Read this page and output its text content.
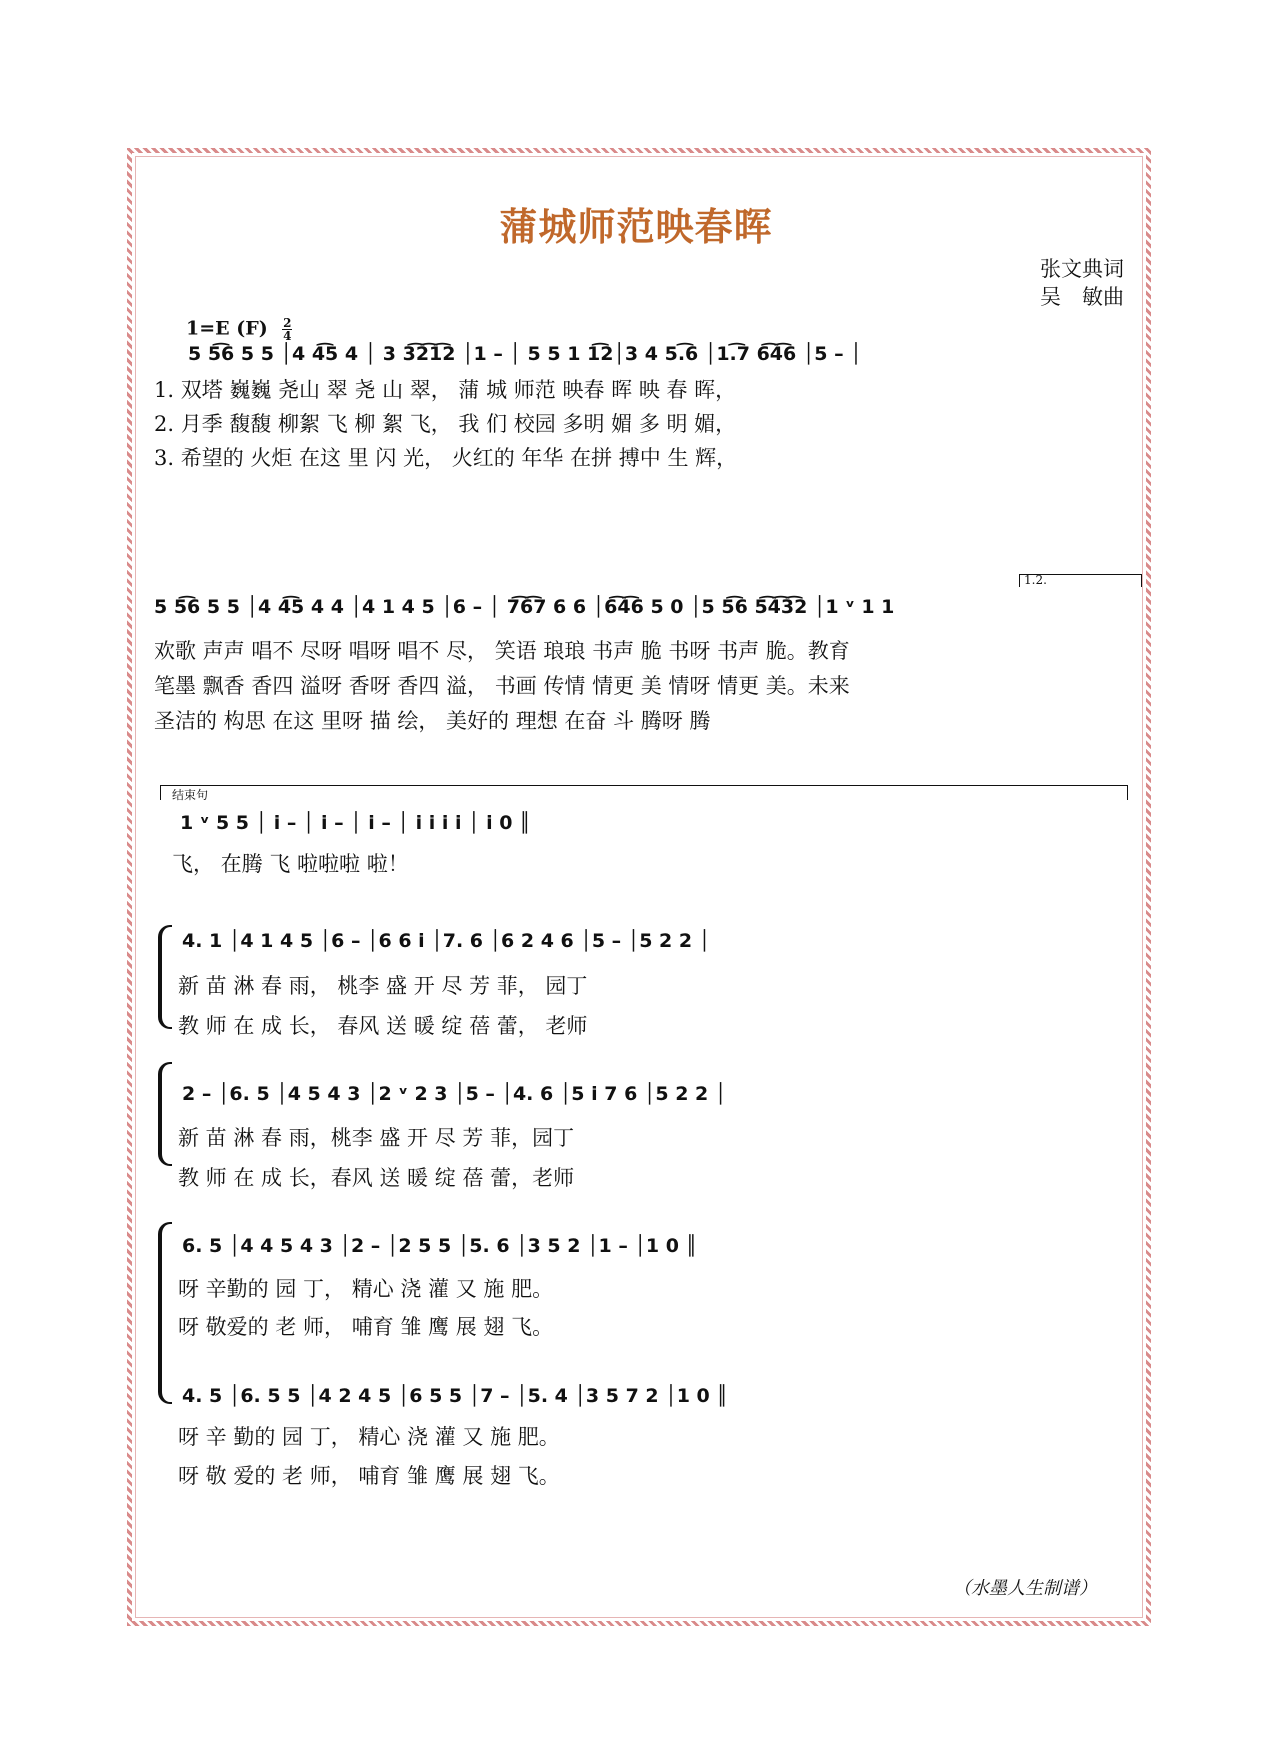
蒲城师范映春晖
张文典词
吴　敏曲
1=E $(F) \frac{2}{4}$
5 5͡6 5 5 │4 4͡5 4 │ 3 3͡2͡1͡2 │1 – │ 5 5 1 1͡2│3 4 5.͡6 │1.͡7 6͡4͡6 │5 – │
1. 双塔 巍巍 尧山 翠 尧 山 翠， 蒲 城 师范 映春 晖 映 春 晖，
2. 月季 馥馥 柳絮 飞 柳 絮 飞， 我 们 校园 多明 媚 多 明 媚，
3. 希望的 火炬 在这 里 闪 光， 火红的 年华 在拼 搏中 生 辉，
1.2.
5 5͡6 5 5 │4 4͡5 4 4 │4 1 4 5 │6 – │ 7͡6͡7 6 6 │6͡4͡6 5 0 │5 5͡6 5͡4͡3͡2 │1 ᵛ 1 1
欢歌 声声 唱不 尽呀 唱呀 唱不 尽， 笑语 琅琅 书声 脆 书呀 书声 脆。教育
笔墨 飘香 香四 溢呀 香呀 香四 溢， 书画 传情 情更 美 情呀 情更 美。未来
圣洁的 构思 在这 里呀 描 绘， 美好的 理想 在奋 斗 腾呀 腾
结束句
1 ᵛ 5 5 │ i – │ i – │ i – │ i i i i │ i 0 ║
飞， 在腾 飞 啦啦啦 啦！
4. 1 │4 1 4 5 │6 – │6 6 i │7. 6 │6 2 4 6 │5 – │5 2 2 │
新 苗 淋 春 雨， 桃李 盛 开 尽 芳 菲， 园丁
教 师 在 成 长， 春风 送 暖 绽 蓓 蕾， 老师
2 – │6. 5 │4 5 4 3 │2 ᵛ 2 3 │5 – │4. 6 │5 i 7 6 │5 2 2 │
新 苗 淋 春 雨，桃李 盛 开 尽 芳 菲，园丁
教 师 在 成 长，春风 送 暖 绽 蓓 蕾，老师
6. 5 │4 4 5 4 3 │2 – │2 5 5 │5. 6 │3 5 2 │1 – │1 0 ║
呀 辛勤的 园 丁， 精心 浇 灌 又 施 肥。
呀 敬爱的 老 师， 哺育 雏 鹰 展 翅 飞。
4. 5 │6. 5 5 │4 2 4 5 │6 5 5 │7 – │5. 4 │3 5 7 2 │1 0 ║
呀 辛 勤的 园 丁， 精心 浇 灌 又 施 肥。
呀 敬 爱的 老 师， 哺育 雏 鹰 展 翅 飞。
（水墨人生制谱）
